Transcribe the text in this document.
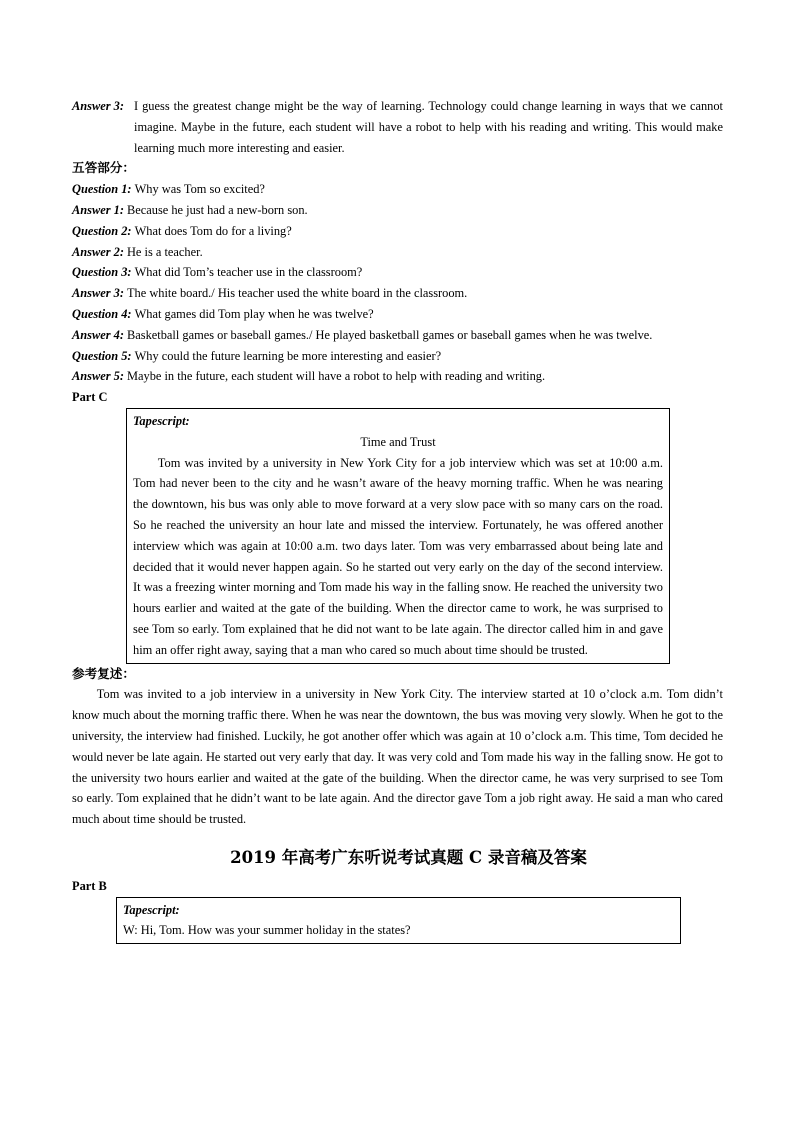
Answer 3: I guess the greatest change might be the way of learning. Technology could change learning in ways that we cannot imagine. Maybe in the future, each student will have a robot to help with his reading and writing. This would make learning much more interesting and easier.
五答部分：
Question 1: Why was Tom so excited?
Answer 1: Because he just had a new-born son.
Question 2: What does Tom do for a living?
Answer 2: He is a teacher.
Question 3: What did Tom’s teacher use in the classroom?
Answer 3: The white board./ His teacher used the white board in the classroom.
Question 4: What games did Tom play when he was twelve?
Answer 4: Basketball games or baseball games./ He played basketball games or baseball games when he was twelve.
Question 5: Why could the future learning be more interesting and easier?
Answer 5: Maybe in the future, each student will have a robot to help with reading and writing.
Part C
Tapescript:
Time and Trust

Tom was invited by a university in New York City for a job interview which was set at 10:00 a.m. Tom had never been to the city and he wasn’t aware of the heavy morning traffic. When he was nearing the downtown, his bus was only able to move forward at a very slow pace with so many cars on the road. So he reached the university an hour late and missed the interview. Fortunately, he was offered another interview which was again at 10:00 a.m. two days later. Tom was very embarrassed about being late and decided that it would never happen again. So he started out very early on the day of the second interview. It was a freezing winter morning and Tom made his way in the falling snow. He reached the university two hours earlier and waited at the gate of the building. When the director came to work, he was surprised to see Tom so early. Tom explained that he did not want to be late again. The director called him in and gave him an offer right away, saying that a man who cared so much about time should be trusted.

参考复述：

Tom was invited to a job interview in a university in New York City. The interview started at 10 o’clock a.m. Tom didn’t know much about the morning traffic there. When he was near the downtown, the bus was moving very slowly. When he got to the university, the interview had finished. Luckily, he got another offer which was again at 10 o’clock a.m. This time, Tom decided he would never be late again. He started out very early that day. It was very cold and Tom made his way in the falling snow. He got to the university two hours earlier and waited at the gate of the building. When the director came, he was very surprised to see Tom so early. Tom explained that he didn’t want to be late again. And the director gave Tom a job right away. He said a man who cared much about time should be trusted.

2019 年高考广东听说考试真题 C 录音稿及答案
Part B
Tapescript:
W: Hi, Tom. How was your summer holiday in the states?
